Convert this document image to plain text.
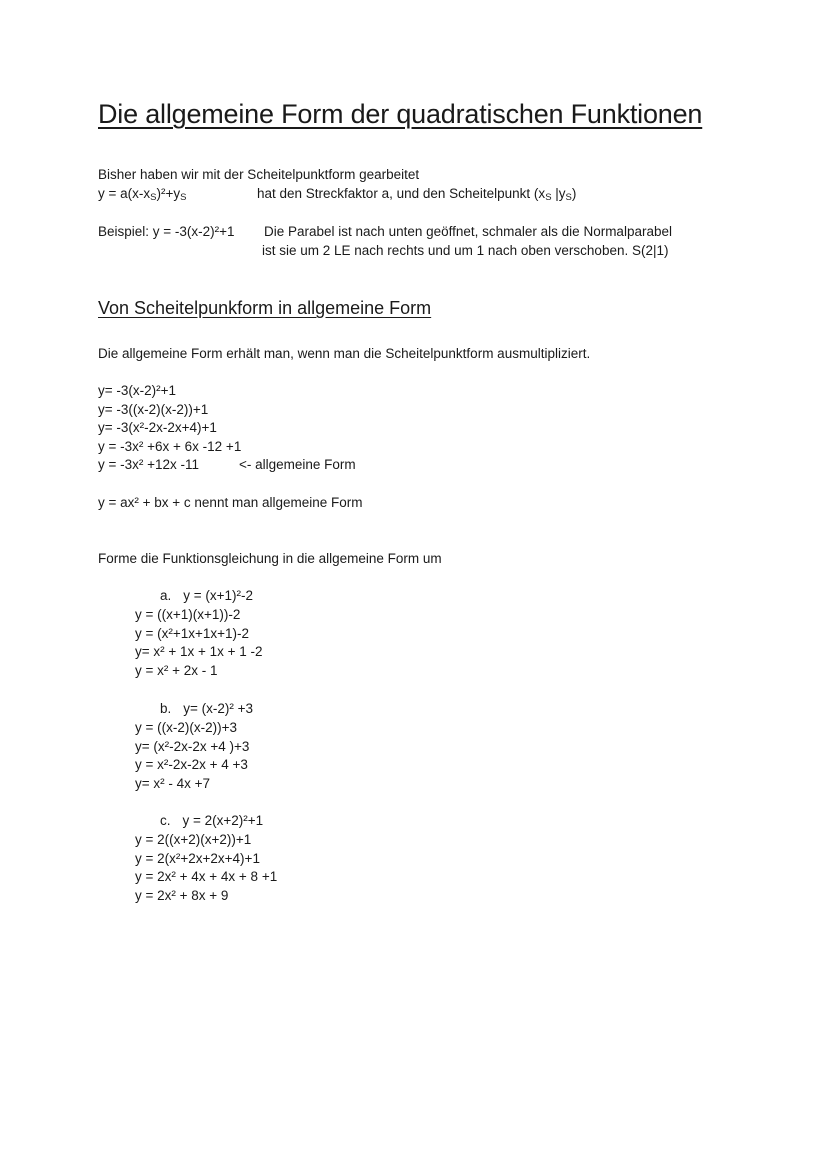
Die allgemeine Form der quadratischen Funktionen
Bisher haben wir mit der Scheitelpunktform gearbeitet
$y = a(x-x_S)^2+y_S$	hat den Streckfaktor a, und den Scheitelpunkt ($x_S$ $|y_S$)
Beispiel: y = -3(x-2)²+1 Die Parabel ist nach unten geöffnet, schmaler als die Normalparabel
ist sie um 2 LE nach rechts und um 1 nach oben verschoben. S(2|1)
Von Scheitelpunkform in allgemeine Form
Die allgemeine Form erhält man, wenn man die Scheitelpunktform ausmultipliziert.
y= -3(x-2)²+1
y= -3((x-2)(x-2))+1
y= -3(x²-2x-2x+4)+1
y = -3x² +6x + 6x -12 +1
y = -3x² +12x -11	<- allgemeine Form
y = ax² + bx + c nennt man allgemeine Form
Forme die Funktionsgleichung in die allgemeine Form um
a. y = (x+1)²-2
y = ((x+1)(x+1))-2
y = (x²+1x+1x+1)-2
y= x² + 1x + 1x + 1 -2
y = x² + 2x - 1
b. y= (x-2)² +3
y = ((x-2)(x-2))+3
y= (x²-2x-2x +4 )+3
y = x²-2x-2x + 4 +3
y= x² - 4x +7
c. y = 2(x+2)²+1
y = 2((x+2)(x+2))+1
y = 2(x²+2x+2x+4)+1
y = 2x² + 4x + 4x + 8 +1
y = 2x² + 8x + 9
